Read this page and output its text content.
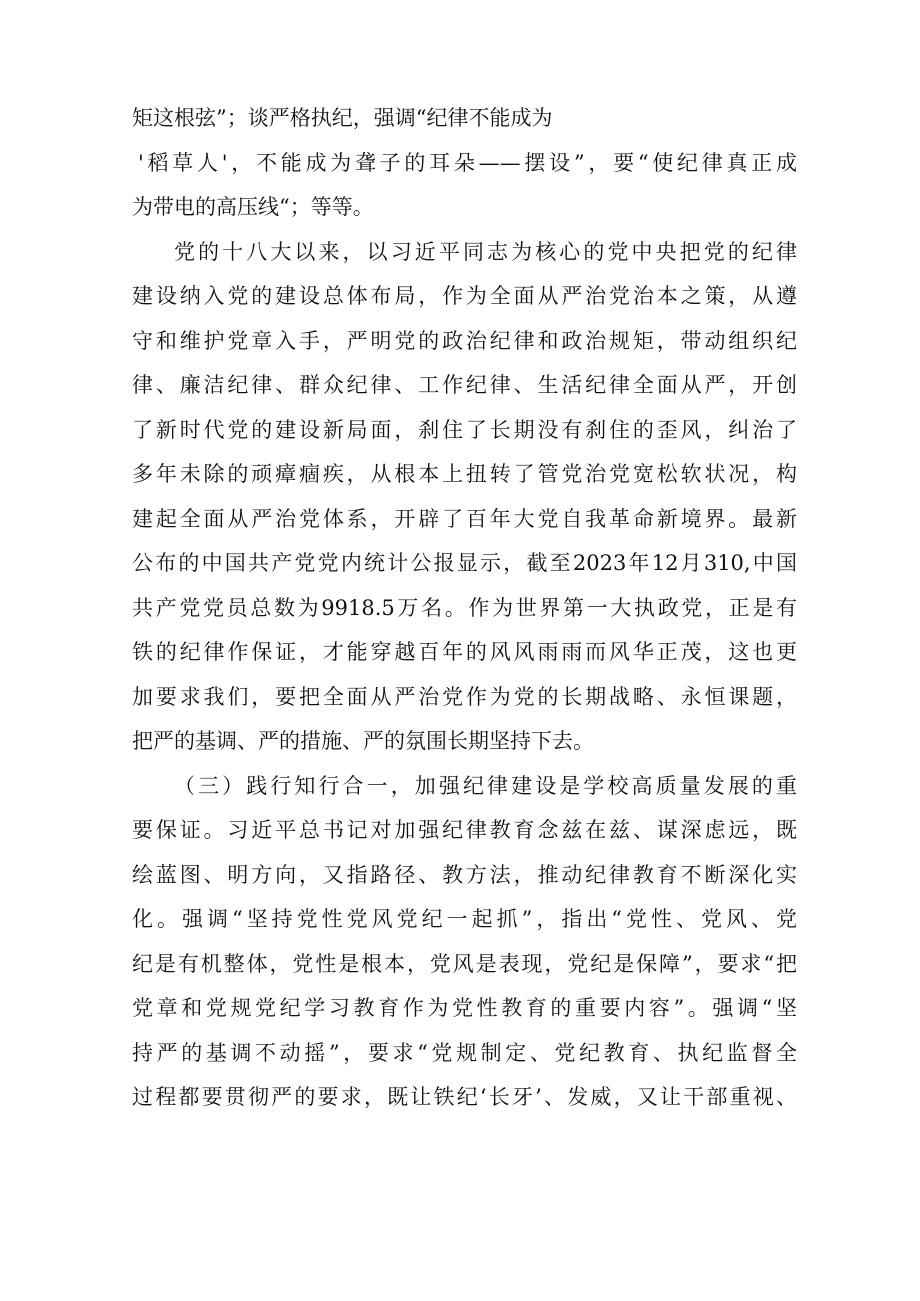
矩这根弦”；谈严格执纪，强调“纪律不能成为
'稻草人'，不能成为聋子的耳朵——摆设”，要“使纪律真正成
为带电的高压线“；等等。
党的十八大以来，以习近平同志为核心的党中央把党的纪律
建设纳入党的建设总体布局，作为全面从严治党治本之策，从遵
守和维护党章入手，严明党的政治纪律和政治规矩，带动组织纪
律、廉洁纪律、群众纪律、工作纪律、生活纪律全面从严，开创
了新时代党的建设新局面，刹住了长期没有刹住的歪风，纠治了
多年未除的顽瘴痼疾，从根本上扭转了管党治党宽松软状况，构
建起全面从严治党体系，开辟了百年大党自我革命新境界。最新
公布的中国共产党党内统计公报显示，截至2023年12月310,中国
共产党党员总数为9918.5万名。作为世界第一大执政党，正是有
铁的纪律作保证，才能穿越百年的风风雨雨而风华正茂，这也更
加要求我们，要把全面从严治党作为党的长期战略、永恒课题，
把严的基调、严的措施、严的氛围长期坚持下去。
（三）践行知行合一，加强纪律建设是学校高质量发展的重
要保证。习近平总书记对加强纪律教育念兹在兹、谋深虑远，既
绘蓝图、明方向，又指路径、教方法，推动纪律教育不断深化实
化。强调“坚持党性党风党纪一起抓”，指出“党性、党风、党
纪是有机整体，党性是根本，党风是表现，党纪是保障”，要求“把
党章和党规党纪学习教育作为党性教育的重要内容”。强调“坚
持严的基调不动摇”，要求“党规制定、党纪教育、执纪监督全
过程都要贯彻严的要求，既让铁纪‘长牙’、发威，又让干部重视、
